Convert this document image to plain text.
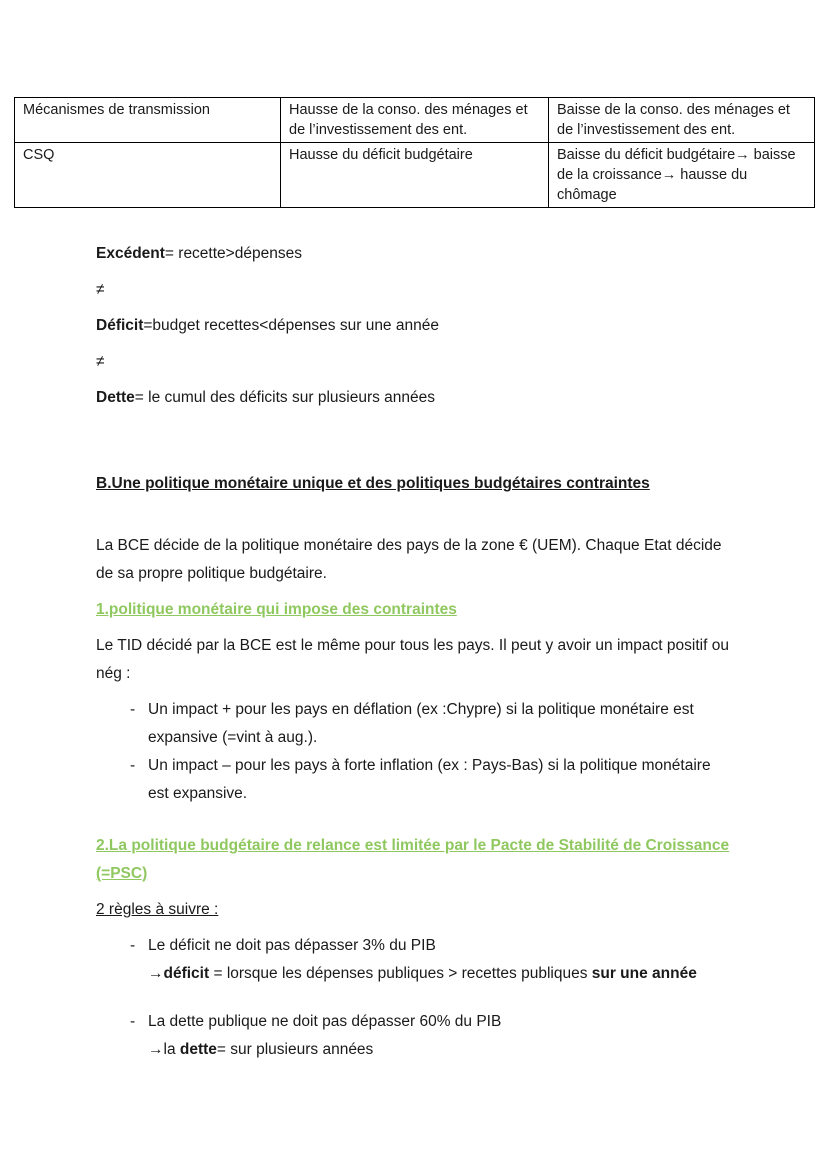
Mécanismes de transmission	Hausse de la conso. des ménages et de l’investissement des ent.	Baisse de la conso. des ménages et de l’investissement des ent.
CSQ	Hausse du déficit budgétaire	Baisse du déficit budgétaire→ baisse de la croissance→ hausse du chômage

Excédent= recette>dépenses

≠

Déficit=budget recettes<dépenses sur une année

≠

Dette= le cumul des déficits sur plusieurs années

B.Une politique monétaire unique et des politiques budgétaires contraintes

La BCE décide de la politique monétaire des pays de la zone € (UEM). Chaque Etat décide de sa propre politique budgétaire.

1.politique monétaire qui impose des contraintes

Le TID décidé par la BCE est le même pour tous les pays. Il peut y avoir un impact positif ou nég :

- Un impact + pour les pays en déflation (ex :Chypre) si la politique monétaire est expansive (=vint à aug.).
- Un impact – pour les pays à forte inflation (ex : Pays-Bas) si la politique monétaire est expansive.

2.La politique budgétaire de relance est limitée par le Pacte de Stabilité de Croissance (=PSC)

2 règles à suivre :

- Le déficit ne doit pas dépasser 3% du PIB
→déficit = lorsque les dépenses publiques > recettes publiques sur une année
- La dette publique ne doit pas dépasser 60% du PIB
→la dette= sur plusieurs années
